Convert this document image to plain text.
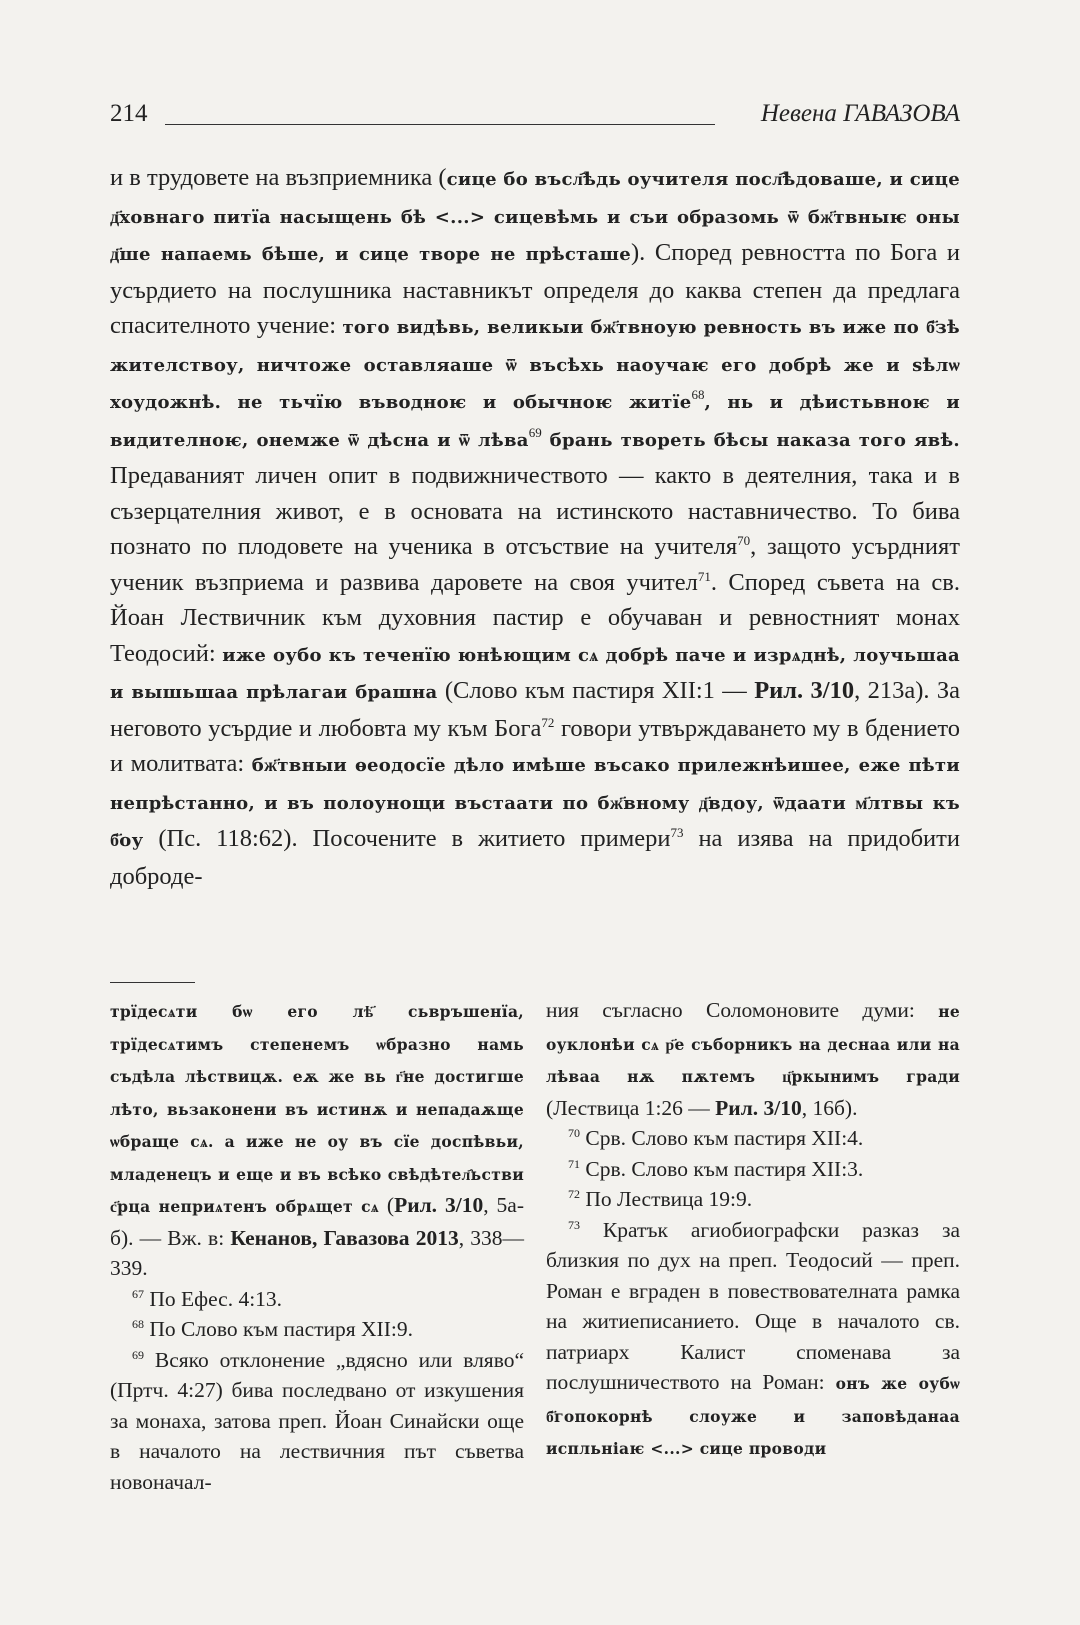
214	Невена ГАВАЗОВА

и в трудовете на възприемника (сице бо въсл҄ѣдь оучителя посл҄ѣдоваше, и сице д҃ховнаго питїа насыщень бѣ <...> сицевѣмь и съи образомь ѿ бж҃твныѥ оны д҃ше напаемь бѣше, и сице творе не прѣсташе). Според ревността по Бога и усърдието на послушника наставникът определя до каква степен да предлага спасителното учение: того видѣвь, великыи бж҃твноую ревность въ иже по б҃зѣ жителствоу, ничтоже оставляаше ѿ въсѣхь наоучаѥ его добрѣ же и ѕѣлѡ хоудожнѣ. не тьчїю въводноѥ и обычноѥ житїе$^{68}$, нь и дѣистьвноѥ и видителноѥ, онемже ѿ дѣсна и ѿ лѣва$^{69}$ брань твореть бѣсы наказа того явѣ. Предаваният личен опит в подвижничеството — както в деятелния, така и в съзерцателния живот, е в основата на истинското наставничество. То бива познато по плодовете на ученика в отсъствие на учителя$^{70}$, защото усърдният ученик възприема и развива даровете на своя учител$^{71}$. Според съвета на св. Йоан Лествичник към духовния пастир е обучаван и ревностният монах Теодосий: иже оубо къ теченїю юнѣющим сѧ добрѣ паче и изрѧднѣ, лоучьшаа и вышьшаа прѣлагаи брашна (Слово към пастиря XII:1 — Рил. 3/10, 213а). За неговото усърдие и любовта му към Бога$^{72}$ говори утвърждаването му в бдението и молитвата: бж҃твныи ѳеодосїе дѣло имѣше въсако прилежнѣишее, еже пѣти непрѣстанно, и въ полоунощи въстаати по бж҃вному д҃вдоу, ѿдаати м҃лтвы къ б҃оу (Пс. 118:62). Посочените в житието примери$^{73}$ на изява на придобити доброде-

трїдесѧти бѡ его лѣ҃ сьвръшенїа, трїдесѧтимъ степенемъ ѡбразно намь съдѣла лѣствицѫ. еѫ же вь г҃не достигше лѣто, вьзаконени въ истинѫ и непадаѫще ѡбраще сѧ. а иже не оу въ сїе доспѣвьи, младенецъ и еще и въ всѣко свѣдѣтел҄ьстви с҃рца неприѧтенъ обрѧщет сѧ (Рил. 3/10, 5а-б). — Вж. в: Кенанов, Гавазова 2013, 338—339.

$^{67}$ По Ефес. 4:13.

$^{68}$ По Слово към пастиря XII:9.

$^{69}$ Всяко отклонение „вдясно или вляво“ (Пртч. 4:27) бива последвано от изкушения за монаха, затова преп. Йоан Синайски още в началото на лествичния път съветва новоначал-

ния съгласно Соломоновите думи: не оуклонѣи сѧ р҃е съборникъ на деснаа или на лѣваа нѫ пѫтемъ ц҃ркынимъ гради (Лествица 1:26 — Рил. 3/10, 16б).

$^{70}$ Срв. Слово към пастиря XII:4.

$^{71}$ Срв. Слово към пастиря XII:3.

$^{72}$ По Лествица 19:9.

$^{73}$ Кратък агиобиографски разказ за близкия по дух на преп. Теодосий — преп. Роман е вграден в повествователната рамка на житиеписанието. Още в началото св. патриарх Калист споменава за послушничеството на Роман: онъ же оубѡ б҃гопокорнѣ слоужe и заповѣданаа испльнiаѥ <...> сице проводи
